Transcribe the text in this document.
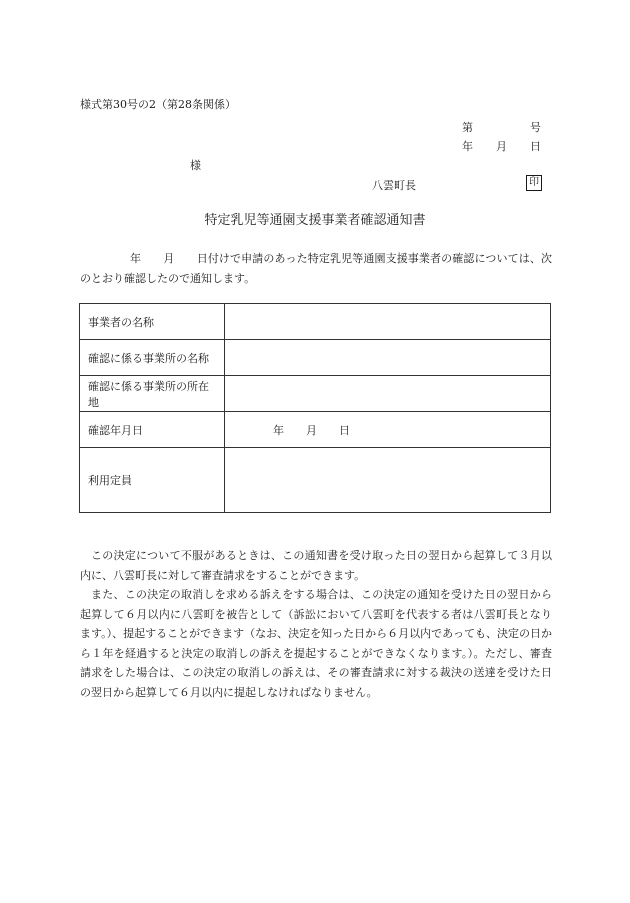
様式第30号の2（第28条関係）
第	号
年 月 日
様
八雲町長	印
特定乳児等通園支援事業者確認通知書

年　　月　　日付けで申請のあった特定乳児等通園支援事業者の確認については、次のとおり確認したので通知します。

事業者の名称	
確認に係る事業所の名称	
確認に係る事業所の所在地	
確認年月日	年　　月　　日
利用定員	

この決定について不服があるときは、この通知書を受け取った日の翌日から起算して３月以内に、八雲町長に対して審査請求をすることができます。

また、この決定の取消しを求める訴えをする場合は、この決定の通知を受けた日の翌日から起算して６月以内に八雲町を被告として（訴訟において八雲町を代表する者は八雲町長となります。）、提起することができます（なお、決定を知った日から６月以内であっても、決定の日から１年を経過すると決定の取消しの訴えを提起することができなくなります。）。ただし、審査請求をした場合は、この決定の取消しの訴えは、その審査請求に対する裁決の送達を受けた日の翌日から起算して６月以内に提起しなければなりません。
